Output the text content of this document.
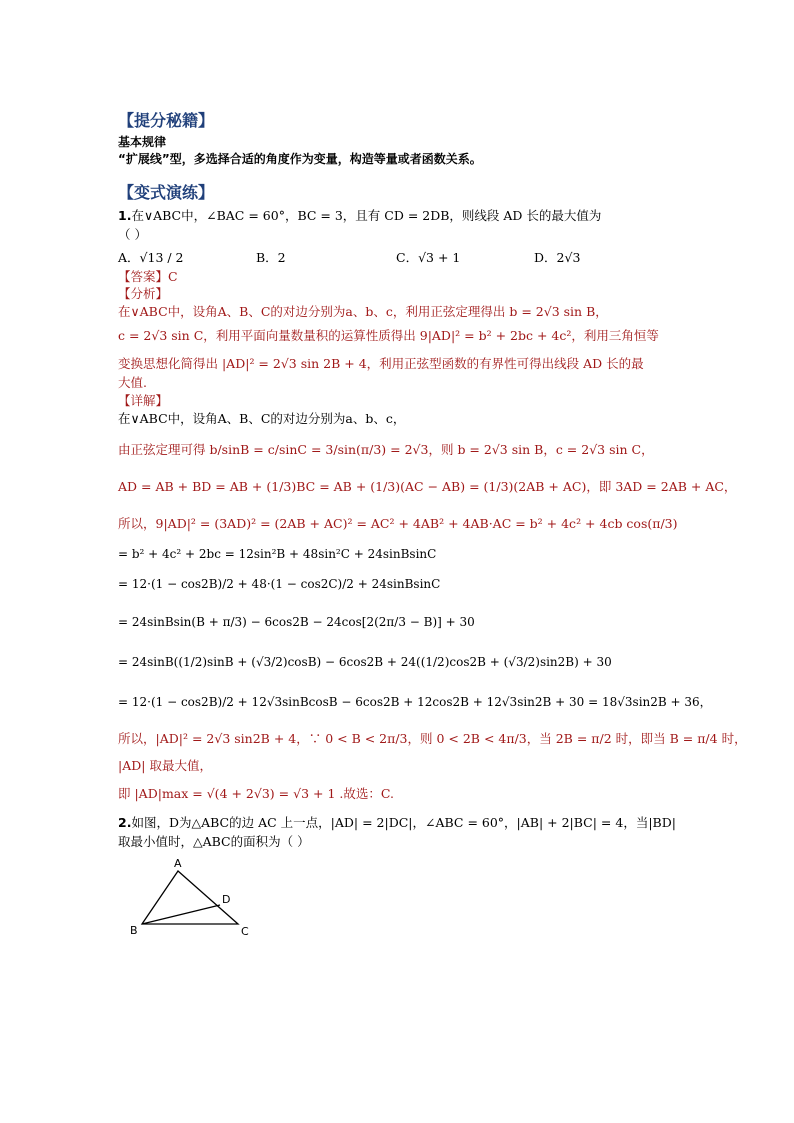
【提分秘籍】
基本规律
“扩展线”型，多选择合适的角度作为变量，构造等量或者函数关系。
【变式演练】
1.在∨ABC中，∠BAC = 60°，BC = 3，且有 CD = 2DB，则线段 AD 长的最大值为
（ ）
A．√13 / 2	B．2	C．√3 + 1	D．2√3
【答案】C
【分析】
在∨ABC中，设角A、B、C的对边分别为a、b、c，利用正弦定理得出 b = 2√3 sin B，
c = 2√3 sin C，利用平面向量数量积的运算性质得出 9|AD|² = b² + 2bc + 4c²，利用三角恒等
变换思想化简得出 |AD|² = 2√3 sin 2B + 4，利用正弦型函数的有界性可得出线段 AD 长的最
大值.
【详解】
在∨ABC中，设角A、B、C的对边分别为a、b、c，
由正弦定理可得 b/sinB = c/sinC = 3/sin(π/3) = 2√3，则 b = 2√3 sin B，c = 2√3 sin C，
AD = AB + BD = AB + (1/3)BC = AB + (1/3)(AC − AB) = (1/3)(2AB + AC)，即 3AD = 2AB + AC，
所以，9|AD|² = (3AD)² = (2AB + AC)² = AC² + 4AB² + 4AB·AC = b² + 4c² + 4cb cos(π/3)
= b² + 4c² + 2bc = 12sin²B + 48sin²C + 24sinBsinC
= 12·(1 − cos2B)/2 + 48·(1 − cos2C)/2 + 24sinBsinC
= 24sinBsin(B + π/3) − 6cos2B − 24cos[2(2π/3 − B)] + 30
= 24sinB((1/2)sinB + (√3/2)cosB) − 6cos2B + 24((1/2)cos2B + (√3/2)sin2B) + 30
= 12·(1 − cos2B)/2 + 12√3sinBcosB − 6cos2B + 12cos2B + 12√3sin2B + 30 = 18√3sin2B + 36，
所以，|AD|² = 2√3 sin2B + 4，∵ 0 < B < 2π/3，则 0 < 2B < 4π/3，当 2B = π/2 时，即当 B = π/4 时，
|AD| 取最大值，
即 |AD|max = √(4 + 2√3) = √3 + 1 .故选：C.
2.如图，D为△ABC的边 AC 上一点，|AD| = 2|DC|，∠ABC = 60°，|AB| + 2|BC| = 4，当|BD|
取最小值时，△ABC的面积为（ ）
A
B	C
D
